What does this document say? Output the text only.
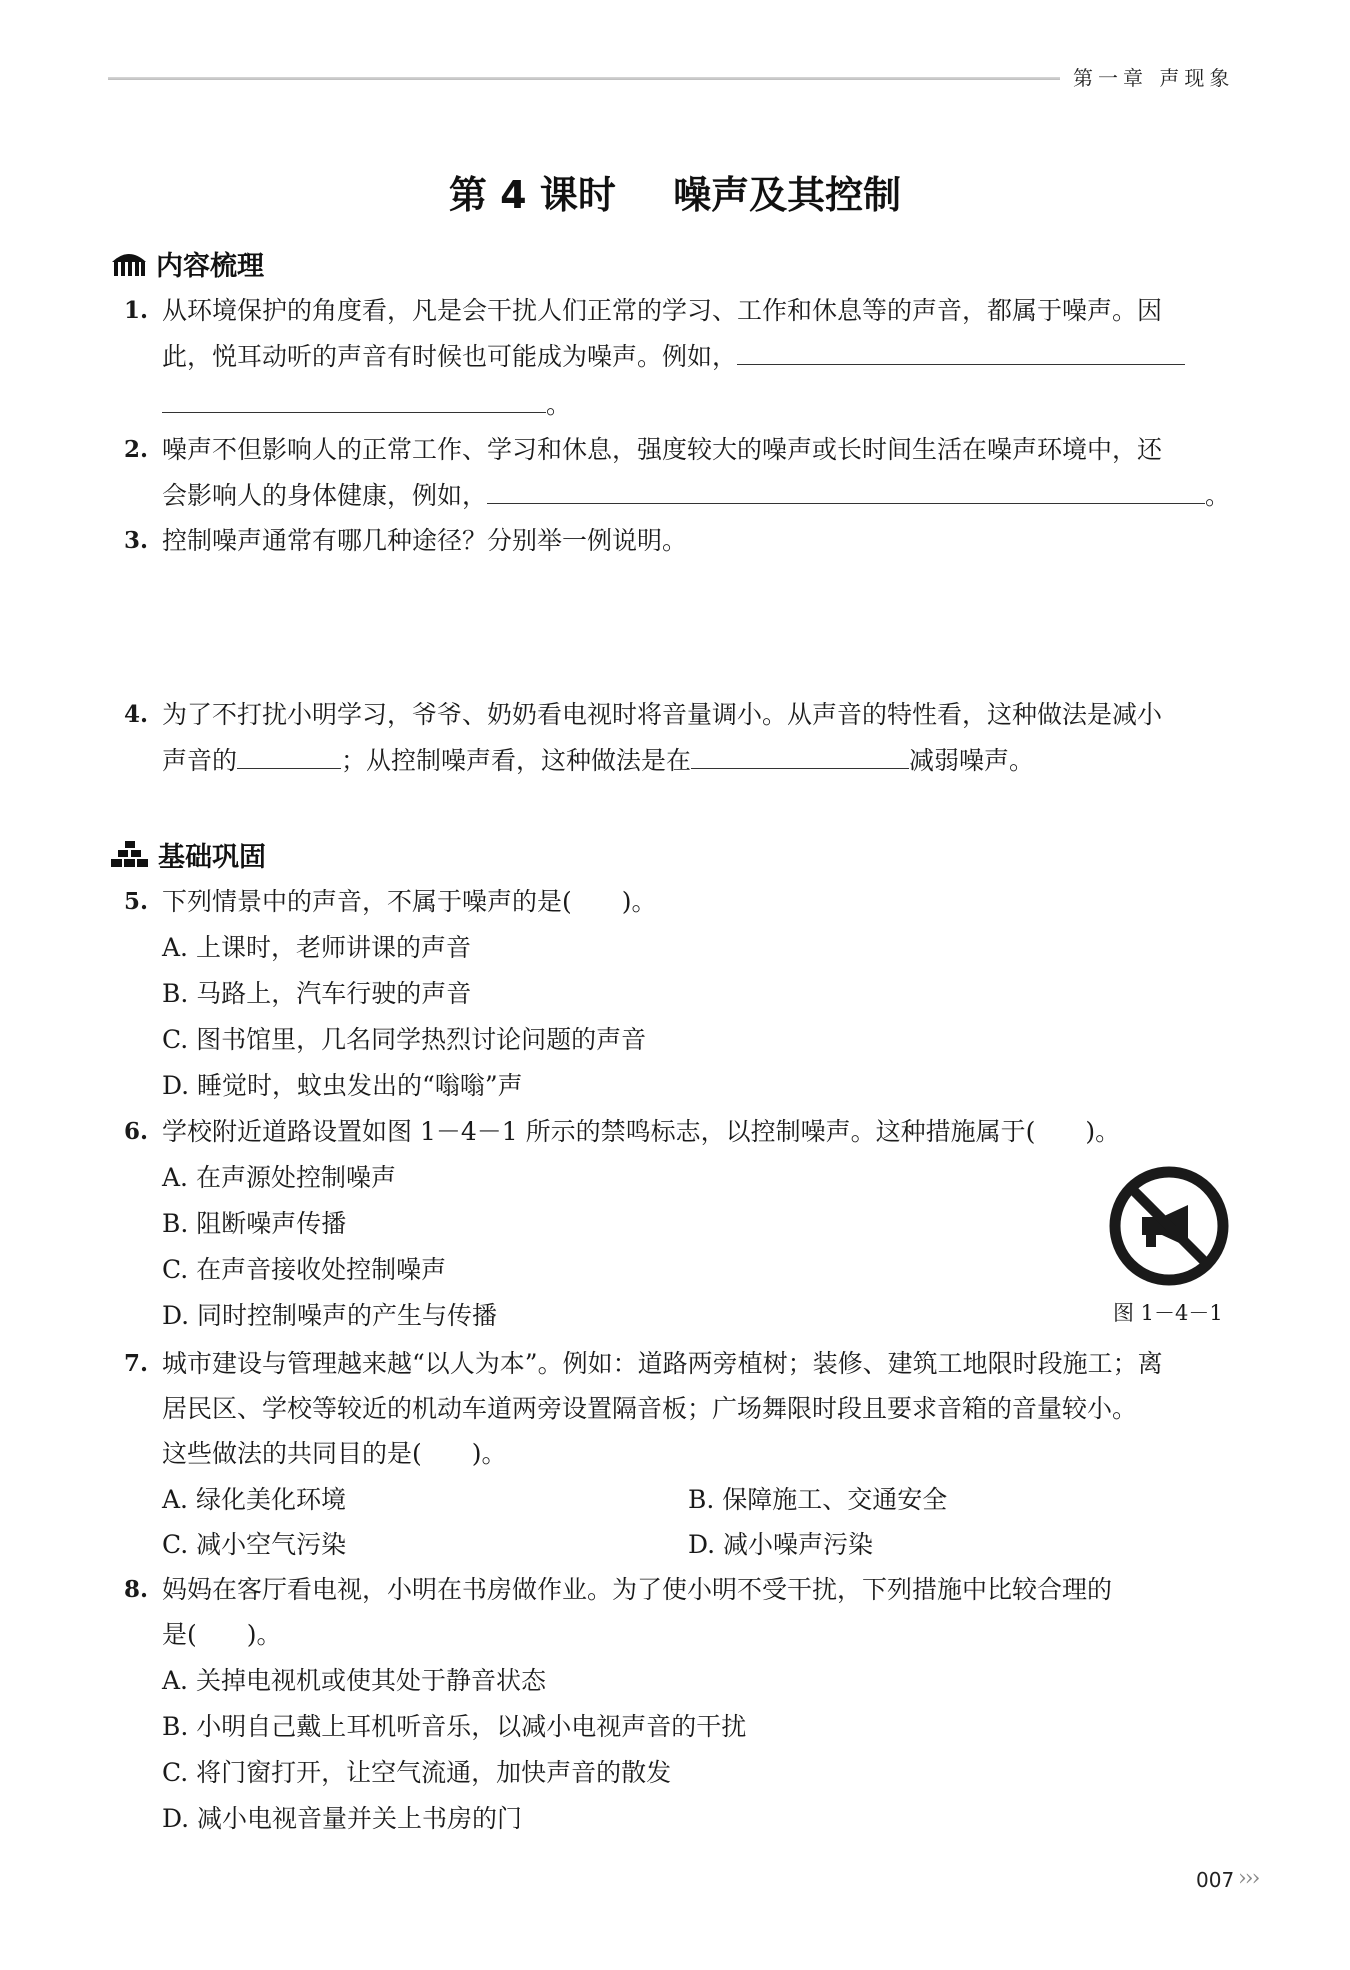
第一章 声现象
第 4 课时 噪声及其控制
内容梳理
1. 从环境保护的角度看，凡是会干扰人们正常的学习、工作和休息等的声音，都属于噪声。因
此，悦耳动听的声音有时候也可能成为噪声。例如，
。
2. 噪声不但影响人的正常工作、学习和休息，强度较大的噪声或长时间生活在噪声环境中，还
会影响人的身体健康，例如，	。
3. 控制噪声通常有哪几种途径？分别举一例说明。
4. 为了不打扰小明学习，爷爷、奶奶看电视时将音量调小。从声音的特性看，这种做法是减小
声音的	；从控制噪声看，这种做法是在	减弱噪声。
基础巩固
5. 下列情景中的声音，不属于噪声的是(　　)。
A. 上课时，老师讲课的声音
B. 马路上，汽车行驶的声音
C. 图书馆里，几名同学热烈讨论问题的声音
D. 睡觉时，蚊虫发出的“嗡嗡”声
6. 学校附近道路设置如图 1－4－1 所示的禁鸣标志，以控制噪声。这种措施属于(　　)。
A. 在声源处控制噪声
B. 阻断噪声传播
C. 在声音接收处控制噪声
D. 同时控制噪声的产生与传播	图 1－4－1
7. 城市建设与管理越来越“以人为本”。例如：道路两旁植树；装修、建筑工地限时段施工；离
居民区、学校等较近的机动车道两旁设置隔音板；广场舞限时段且要求音箱的音量较小。
这些做法的共同目的是(　　)。
A. 绿化美化环境	B. 保障施工、交通安全
C. 减小空气污染	D. 减小噪声污染
8. 妈妈在客厅看电视，小明在书房做作业。为了使小明不受干扰，下列措施中比较合理的
是(　　)。
A. 关掉电视机或使其处于静音状态
B. 小明自己戴上耳机听音乐，以减小电视声音的干扰
C. 将门窗打开，让空气流通，加快声音的散发
D. 减小电视音量并关上书房的门
007 ›››
